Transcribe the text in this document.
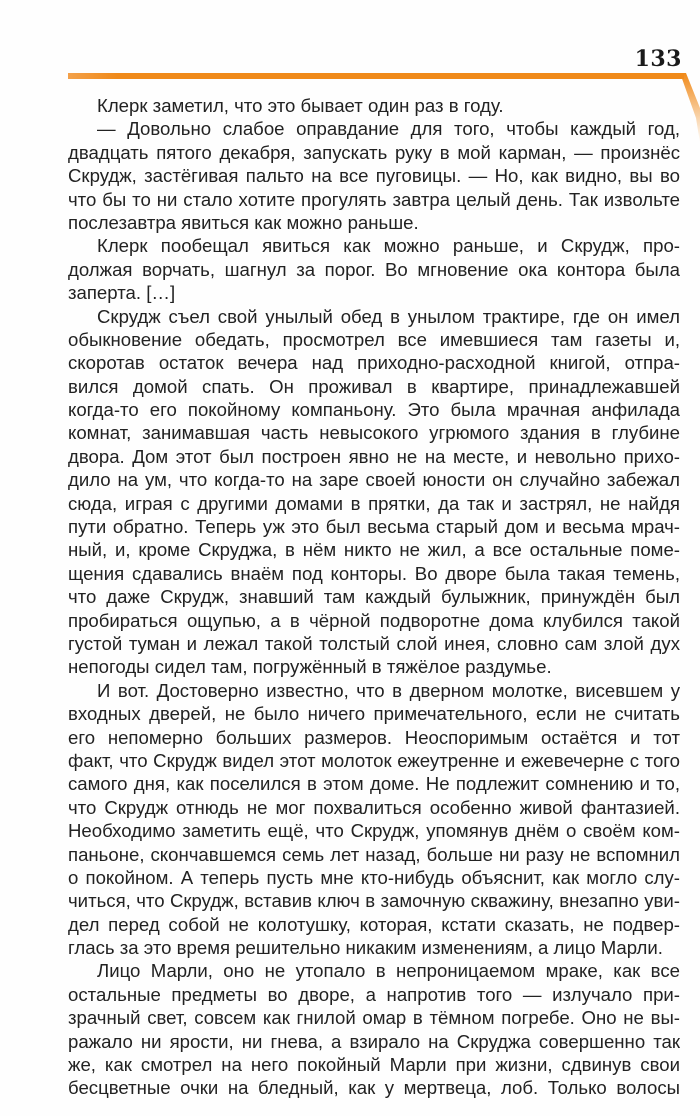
133
Клерк заметил, что это бывает один раз в году.
— Довольно слабое оправдание для того, чтобы каждый год,
двадцать пятого декабря, запускать руку в мой карман, — произнёс
Скрудж, застёгивая пальто на все пуговицы. — Но, как видно, вы во
что бы то ни стало хотите прогулять завтра целый день. Так извольте
послезавтра явиться как можно раньше.
Клерк пообещал явиться как можно раньше, и Скрудж, про-
должая ворчать, шагнул за порог. Во мгновение ока контора была
заперта. […]
Скрудж съел свой унылый обед в унылом трактире, где он имел
обыкновение обедать, просмотрел все имевшиеся там газеты и,
скоротав остаток вечера над приходно-расходной книгой, отпра-
вился домой спать. Он проживал в квартире, принадлежавшей
когда-то его покойному компаньону. Это была мрачная анфилада
комнат, занимавшая часть невысокого угрюмого здания в глубине
двора. Дом этот был построен явно не на месте, и невольно прихо-
дило на ум, что когда-то на заре своей юности он случайно забежал
сюда, играя с другими домами в прятки, да так и застрял, не найдя
пути обратно. Теперь уж это был весьма старый дом и весьма мрач-
ный, и, кроме Скруджа, в нём никто не жил, а все остальные поме-
щения сдавались внаём под конторы. Во дворе была такая темень,
что даже Скрудж, знавший там каждый булыжник, принуждён был
пробираться ощупью, а в чёрной подворотне дома клубился такой
густой туман и лежал такой толстый слой инея, словно сам злой дух
непогоды сидел там, погружённый в тяжёлое раздумье.
И вот. Достоверно известно, что в дверном молотке, висевшем у
входных дверей, не было ничего примечательного, если не считать
его непомерно больших размеров. Неоспоримым остаётся и тот
факт, что Скрудж видел этот молоток ежеутренне и ежевечерне с того
самого дня, как поселился в этом доме. Не подлежит сомнению и то,
что Скрудж отнюдь не мог похвалиться особенно живой фантазией.
Необходимо заметить ещё, что Скрудж, упомянув днём о своём ком-
паньоне, скончавшемся семь лет назад, больше ни разу не вспомнил
о покойном. А теперь пусть мне кто-нибудь объяснит, как могло слу-
читься, что Скрудж, вставив ключ в замочную скважину, внезапно уви-
дел перед собой не колотушку, которая, кстати сказать, не подвер-
глась за это время решительно никаким изменениям, а лицо Марли.
Лицо Марли, оно не утопало в непроницаемом мраке, как все
остальные предметы во дворе, а напротив того — излучало при-
зрачный свет, совсем как гнилой омар в тёмном погребе. Оно не вы-
ражало ни ярости, ни гнева, а взирало на Скруджа совершенно так
же, как смотрел на него покойный Марли при жизни, сдвинув свои
бесцветные очки на бледный, как у мертвеца, лоб. Только волосы
